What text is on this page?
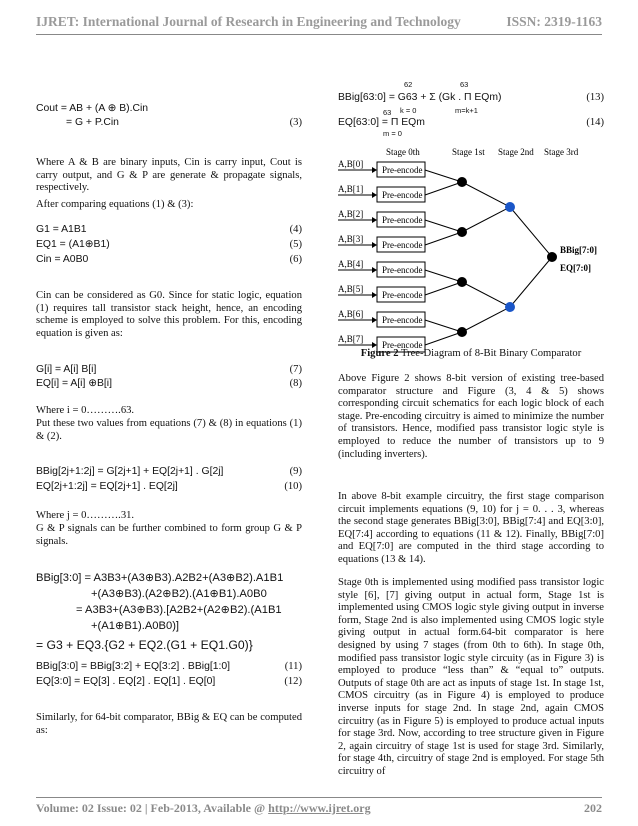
IJRET: International Journal of Research in Engineering and Technology	ISSN: 2319-1163
Cout = AB + (A ⊕ B).Cin
= G + P.Cin	(3)
Where A & B are binary inputs, Cin is carry input, Cout is carry output, and G & P are generate & propagate signals, respectively.
After comparing equations (1) & (3):
G1 = A1B1	(4)
EQ1 = (A1⊕B1)	(5)
Cin = A0B0	(6)
Cin can be considered as G0. Since for static logic, equation (1) requires tall transistor stack height, hence, an encoding scheme is employed to solve this problem. For this, encoding equation is given as:
G[i] = A[i] B[i]	(7)
EQ[i] = A[i] ⊕B[i]	(8)
Where i = 0……….63.
Put these two values from equations (7) & (8) in equations (1) & (2).
BBig[2j+1:2j] = G[2j+1] + EQ[2j+1] . G[2j]	(9)
EQ[2j+1:2j] = EQ[2j+1] . EQ[2j]	(10)
Where j = 0……….31.
G & P signals can be further combined to form group G & P signals.
BBig[3:0] = A3B3+(A3⊕B3).A2B2+(A3⊕B2).A1B1
+(A3⊕B3).(A2⊕B2).(A1⊕B1).A0B0
= A3B3+(A3⊕B3).[A2B2+(A2⊕B2).(A1B1
+(A1⊕B1).A0B0)]
= G3 + EQ3.{G2 + EQ2.(G1 + EQ1.G0)}
BBig[3:0] = BBig[3:2] + EQ[3:2] . BBig[1:0]	(11)
EQ[3:0] = EQ[3] . EQ[2] . EQ[1] . EQ[0]	(12)
Similarly, for 64-bit comparator, BBig & EQ can be computed as:
BBig[63:0] = G63 + Σ (Gk . Π EQm)	(13)
62
k = 0
63
m=k+1
EQ[63:0] = Π EQm	(14)
63
m = 0
Stage 0th	Stage 1st Stage 2nd Stage 3rd
A,B[0]
Pre-encode
A,B[1]
Pre-encode
A,B[2]
Pre-encode
A,B[3]
Pre-encode
A,B[4]
Pre-encode
A,B[5]
Pre-encode
A,B[6]
Pre-encode
A,B[7]
Pre-encode
BBig[7:0]
EQ[7:0]
Figure 2 Tree-Diagram of 8-Bit Binary Comparator
Above Figure 2 shows 8-bit version of existing tree-based comparator structure and Figure (3, 4 & 5) shows corresponding circuit schematics for each logic block of each stage. Pre-encoding circuitry is aimed to minimize the number of transistors. Hence, modified pass transistor logic style is employed to reduce the number of transistors up to 9 (including inverters).
In above 8-bit example circuitry, the first stage comparison circuit implements equations (9, 10) for j = 0. . . 3, whereas the second stage generates BBig[3:0], BBig[7:4] and EQ[3:0], EQ[7:4] according to equations (11 & 12). Finally, BBig[7:0] and EQ[7:0] are computed in the third stage according to equations (13 & 14).
Stage 0th is implemented using modified pass transistor logic style [6], [7] giving output in actual form, Stage 1st is implemented using CMOS logic style giving output in inverse form, Stage 2nd is also implemented using CMOS logic style giving output in actual form.64-bit comparator is here designed by using 7 stages (from 0th to 6th). In stage 0th, modified pass transistor logic style circuity (as in Figure 3) is employed to produce “less than” & “equal to” outputs. Outputs of stage 0th are act as inputs of stage 1st. In stage 1st, CMOS circuitry (as in Figure 4) is employed to produce inverse inputs for stage 2nd. In stage 2nd, again CMOS circuitry (as in Figure 5) is employed to produce actual inputs for stage 3rd. Now, according to tree structure given in Figure 2, again circuitry of stage 1st is used for stage 3rd. Similarly, for stage 4th, circuitry of stage 2nd is employed. For stage 5th circuitry of
Volume: 02 Issue: 02 | Feb-2013, Available @ http://www.ijret.org	202
